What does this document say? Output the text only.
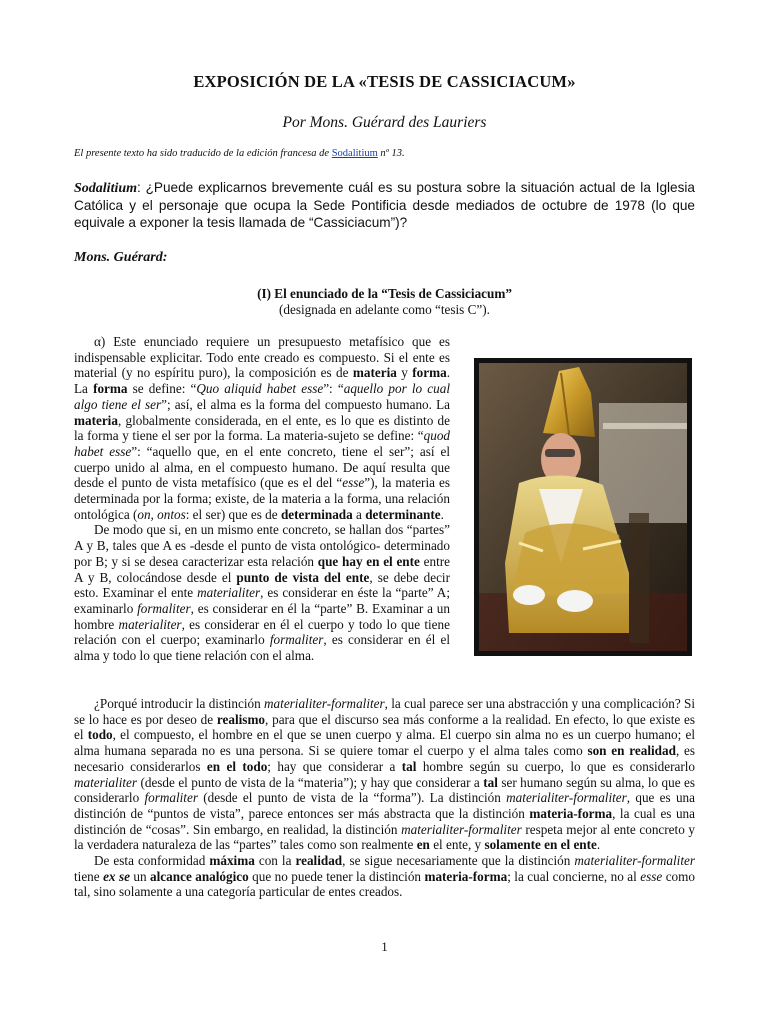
EXPOSICIÓN DE LA «TESIS DE CASSICIACUM»
Por Mons. Guérard des Lauriers
El presente texto ha sido traducido de la edición francesa de Sodalitium nº 13.
Sodalitium: ¿Puede explicarnos brevemente cuál es su postura sobre la situación actual de la Iglesia Católica y el personaje que ocupa la Sede Pontificia desde mediados de octubre de 1978 (lo que equivale a exponer la tesis llamada de “Cassiciacum”)?
Mons. Guérard:
(I) El enunciado de la “Tesis de Cassiciacum”
(designada en adelante como “tesis C”).

α) Este enunciado requiere un presupuesto metafísico que es indispensable explicitar. Todo ente creado es compuesto. Si el ente es material (y no espíritu puro), la composición es de materia y forma. La forma se define: “Quo aliquid habet esse”: “aquello por lo cual algo tiene el ser”; así, el alma es la forma del compuesto humano. La materia, globalmente considerada, en el ente, es lo que es distinto de la forma y tiene el ser por la forma. La materia-sujeto se define: “quod habet esse”: “aquello que, en el ente concreto, tiene el ser”; así el cuerpo unido al alma, en el compuesto humano. De aquí resulta que desde el punto de vista metafísico (que es el del “esse”), la materia es determinada por la forma; existe, de la materia a la forma, una relación ontológica (on, ontos: el ser) que es de determinada a determinante.

De modo que si, en un mismo ente concreto, se hallan dos “partes” A y B, tales que A es -desde el punto de vista ontológico- determinado por B; y si se desea caracterizar esta relación que hay en el ente entre A y B, colocándose desde el punto de vista del ente, se debe decir esto. Examinar el ente materialiter, es considerar en éste la “parte” A; examinarlo formaliter, es considerar en él la “parte” B. Examinar a un hombre materialiter, es considerar en él el cuerpo y todo lo que tiene relación con el cuerpo; examinarlo formaliter, es considerar en él el alma y todo lo que tiene relación con el alma.

¿Porqué introducir la distinción materialiter-formaliter, la cual parece ser una abstracción y una complicación? Si se lo hace es por deseo de realismo, para que el discurso sea más conforme a la realidad. En efecto, lo que existe es el todo, el compuesto, el hombre en el que se unen cuerpo y alma. El cuerpo sin alma no es un cuerpo humano; el alma humana separada no es una persona. Si se quiere tomar el cuerpo y el alma tales como son en realidad, es necesario considerarlos en el todo; hay que considerar a tal hombre según su cuerpo, lo que es considerarlo materialiter (desde el punto de vista de la “materia”); y hay que considerar a tal ser humano según su alma, lo que es considerarlo formaliter (desde el punto de vista de la “forma”). La distinción materialiter-formaliter, que es una distinción de “puntos de vista”, parece entonces ser más abstracta que la distinción materia-forma, la cual es una distinción de “cosas”. Sin embargo, en realidad, la distinción materialiter-formaliter respeta mejor al ente concreto y la verdadera naturaleza de las “partes” tales como son realmente en el ente, y solamente en el ente.

De esta conformidad máxima con la realidad, se sigue necesariamente que la distinción materialiter-formaliter tiene ex se un alcance analógico que no puede tener la distinción materia-forma; la cual concierne, no al esse como tal, sino solamente a una categoría particular de entes creados.

1
